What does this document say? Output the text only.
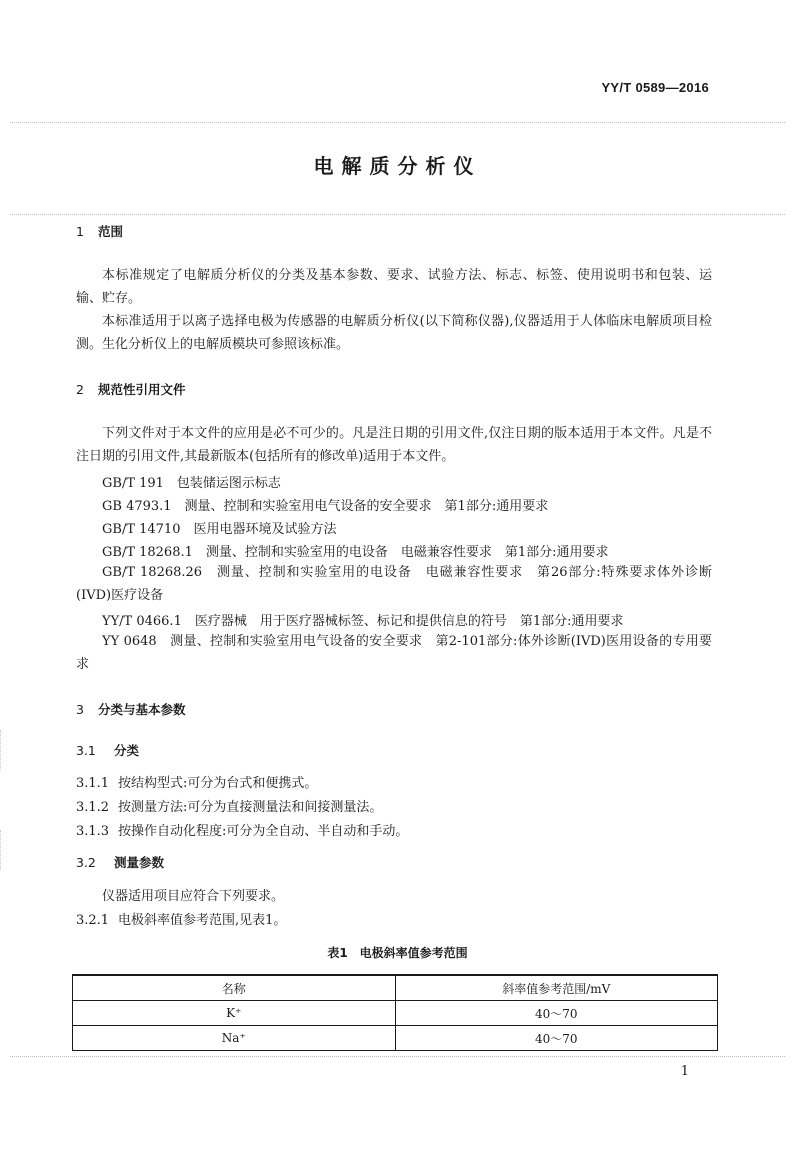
YY/T 0589—2016
电解质分析仪
1 范围

本标准规定了电解质分析仪的分类及基本参数、要求、试验方法、标志、标签、使用说明书和包装、运输、贮存。

本标准适用于以离子选择电极为传感器的电解质分析仪(以下简称仪器),仪器适用于人体临床电解质项目检测。生化分析仪上的电解质模块可参照该标准。

2 规范性引用文件

下列文件对于本文件的应用是必不可少的。凡是注日期的引用文件,仅注日期的版本适用于本文件。凡是不注日期的引用文件,其最新版本(包括所有的修改单)适用于本文件。

GB/T 191　包装储运图示标志
GB 4793.1　测量、控制和实验室用电气设备的安全要求　第1部分:通用要求
GB/T 14710　医用电器环境及试验方法
GB/T 18268.1　测量、控制和实验室用的电设备　电磁兼容性要求　第1部分:通用要求

GB/T 18268.26　测量、控制和实验室用的电设备　电磁兼容性要求　第26部分:特殊要求体外诊断(IVD)医疗设备

YY/T 0466.1　医疗器械　用于医疗器械标签、标记和提供信息的符号　第1部分:通用要求

YY 0648　测量、控制和实验室用电气设备的安全要求　第2-101部分:体外诊断(IVD)医用设备的专用要求

3 分类与基本参数
3.1 分类
3.1.1 按结构型式:可分为台式和便携式。
3.1.2 按测量方法:可分为直接测量法和间接测量法。
3.1.3 按操作自动化程度:可分为全自动、半自动和手动。
3.2 测量参数
仪器适用项目应符合下列要求。
3.2.1 电极斜率值参考范围,见表1。
表1　电极斜率值参考范围
名称	斜率值参考范围/mV
K⁺	40～70
Na⁺	40～70
1
